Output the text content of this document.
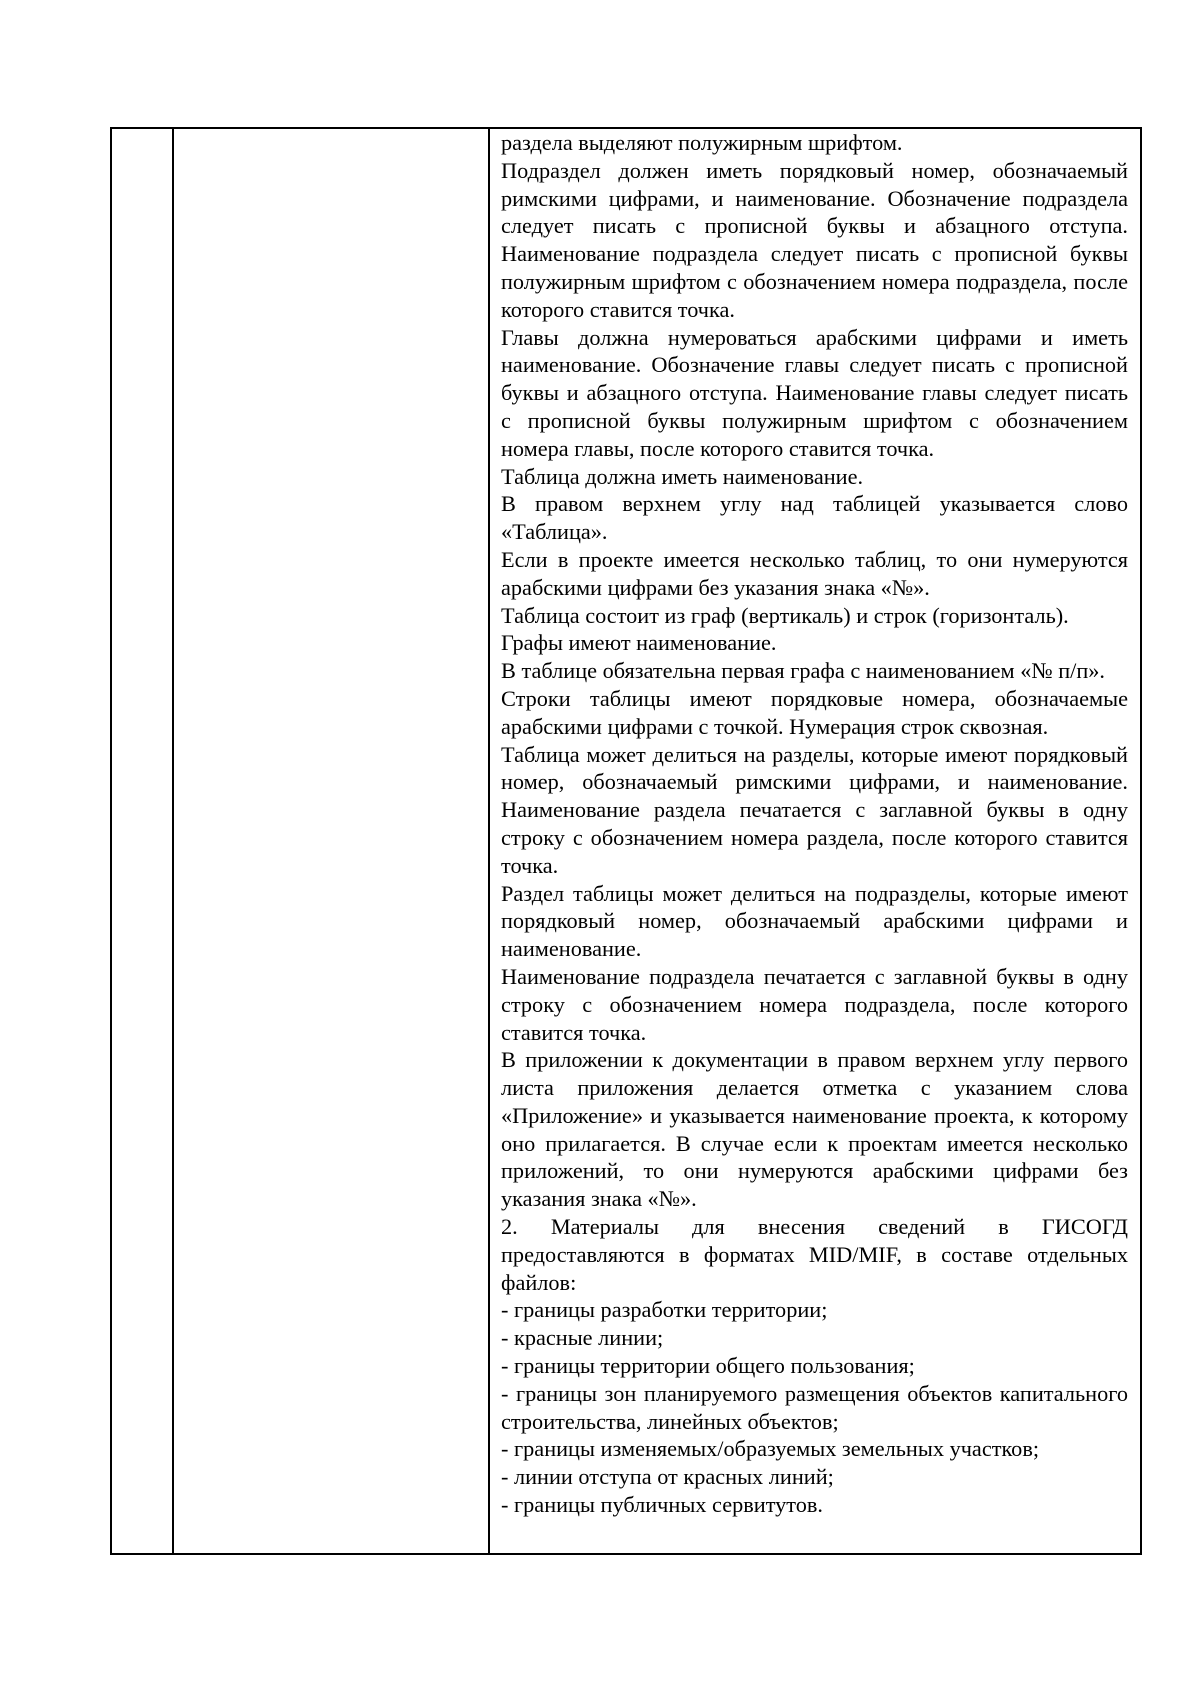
раздела выделяют полужирным шрифтом.

Подраздел должен иметь порядковый номер, обозначаемый римскими цифрами, и наименование. Обозначение подраздела следует писать с прописной буквы и абзацного отступа. Наименование подраздела следует писать с прописной буквы полужирным шрифтом с обозначением номера подраздела, после которого ставится точка.

Главы должна нумероваться арабскими цифрами и иметь наименование. Обозначение главы следует писать с прописной буквы и абзацного отступа. Наименование главы следует писать с прописной буквы полужирным шрифтом с обозначением номера главы, после которого ставится точка.

Таблица должна иметь наименование.

В правом верхнем углу над таблицей указывается слово «Таблица».

Если в проекте имеется несколько таблиц, то они нумеруются арабскими цифрами без указания знака «№».

Таблица состоит из граф (вертикаль) и строк (горизонталь).

Графы имеют наименование.

В таблице обязательна первая графа с наименованием «№ п/п».

Строки таблицы имеют порядковые номера, обозначаемые арабскими цифрами с точкой. Нумерация строк сквозная.

Таблица может делиться на разделы, которые имеют порядковый номер, обозначаемый римскими цифрами, и наименование. Наименование раздела печатается с заглавной буквы в одну строку с обозначением номера раздела, после которого ставится точка.

Раздел таблицы может делиться на подразделы, которые имеют порядковый номер, обозначаемый арабскими цифрами и наименование.

Наименование подраздела печатается с заглавной буквы в одну строку с обозначением номера подраздела, после которого ставится точка.

В приложении к документации в правом верхнем углу первого листа приложения делается отметка с указанием слова «Приложение» и указывается наименование проекта, к которому оно прилагается. В случае если к проектам имеется несколько приложений, то они нумеруются арабскими цифрами без указания знака «№».

2. Материалы для внесения сведений в ГИСОГД предоставляются в форматах MID/MIF, в составе отдельных файлов:

- границы разработки территории;

- красные линии;

- границы территории общего пользования;

- границы зон планируемого размещения объектов капитального строительства, линейных объектов;

- границы изменяемых/образуемых земельных участков;

- линии отступа от красных линий;

- границы публичных сервитутов.
